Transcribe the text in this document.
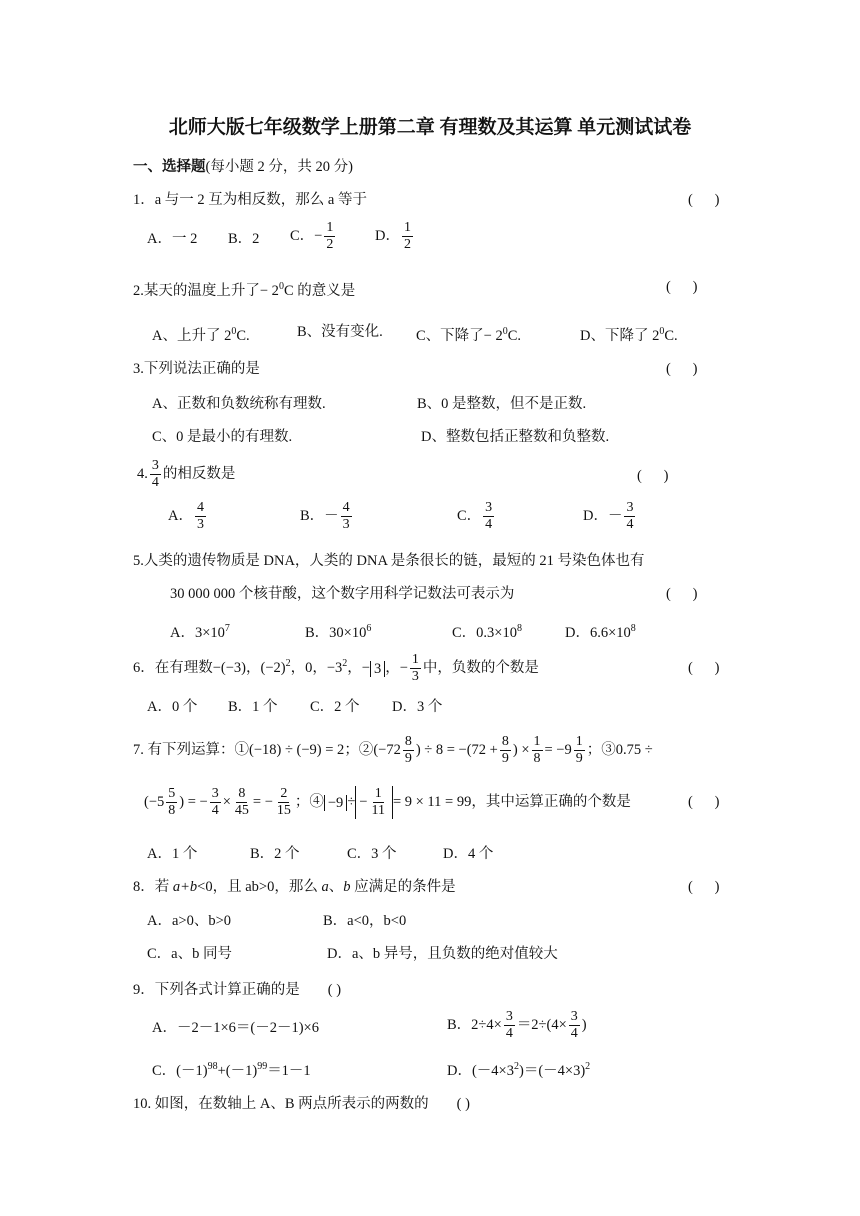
北师大版七年级数学上册第二章 有理数及其运算 单元测试试卷
一、选择题(每小题 2 分，共 20 分)
1．a 与一 2 互为相反数，那么 a 等于	(      )
A．一 2 B．2 C．− $\frac{1}{2}$	D． $\frac{1}{2}$
2.某天的温度上升了− $2^0C$ 的意义是	(      )
A、上升了 $2^0C$.	B、没有变化. C、下降了− $2^0C$.	D、下降了 $2^0C$.
3.下列说法正确的是	(      )
A、正数和负数统称有理数.	B、0 是整数，但不是正数.
C、0 是最小的有理数.	D、整数包括正整数和负整数.
4. $\frac{3}{4}$ 的相反数是	(      )
A． $\frac{4}{3}$	B．－ $\frac{4}{3}$	C． $\frac{3}{4}$	D．－ $\frac{3}{4}$
5.人类的遗传物质是 DNA，人类的 DNA 是条很长的链，最短的 21 号染色体也有
30 000 000 个核苷酸，这个数字用科学记数法可表示为	(      )
A．$3\times 10^7$	B．$30\times 10^6$	C．$0.3\times 10^8$	D．$6.6\times 10^8$
6．在有理数−(−3)，$(-2)^2$，0，$-3^2$，− 3 ，− $\frac{1}{3}$ 中，负数的个数是	(      )
A．0 个 B．1 个 C．2 个 D．3 个
7. 有下列运算：①(−18) ÷ (−9) = 2；②(−72 $\frac{8}{9}$ ) ÷ $8 = -(72 + \frac{8}{9}$ ) × $\frac{1}{8} = -9 \frac{1}{9}$ ；③0.75 ÷
($-5 \frac{5}{8}$ ) = − $\frac{3}{4} \times \frac{8}{45}$ = − $\frac{2}{15}$ ；④ −9 ÷ − $\frac{1}{11} = 9 \times 11 = 99$，其中运算正确的个数是	(      )
A．1 个	B．2 个	C．3 个	D．4 个
8．若 a+b<0，且 ab>0，那么 a、b 应满足的条件是	(      )
A．a>0、b>0	B．a<0，b<0
C．a、b 同号	D．a、b 异号，且负数的绝对值较大
9．下列各式计算正确的是 ( )
A．－2－1×6＝(－2－1)×6	B．$2\div 4\times \frac{3}{4} =2\div(4\times \frac{3}{4}$ )
C．$(-1)^{98}+(-1)^{99}=1-1$	D．$(-4\times 3^2)=(-4\times 3)^2$
10. 如图，在数轴上 A、B 两点所表示的两数的 ( )
